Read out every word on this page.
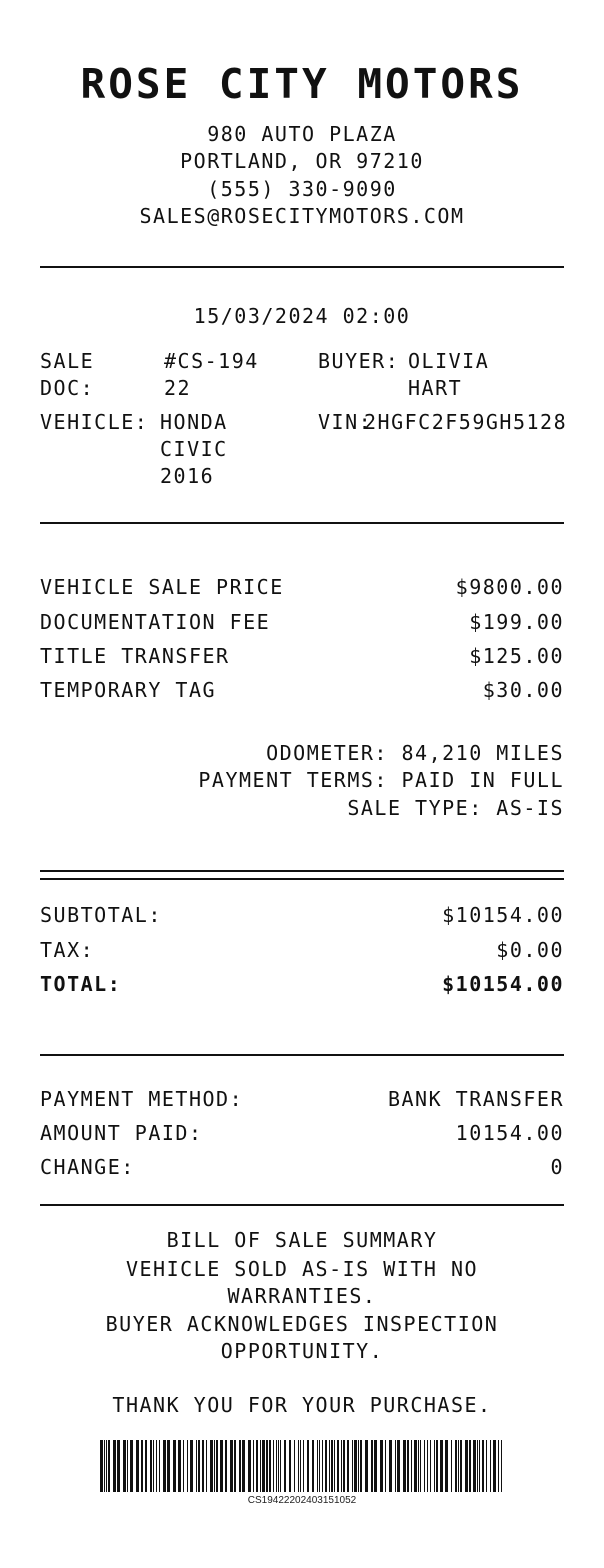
ROSE CITY MOTORS
980 AUTO PLAZA
PORTLAND, OR 97210
(555) 330-9090
SALES@ROSECITYMOTORS.COM
15/03/2024 02:00
SALE DOC:
#CS-19422
BUYER: OLIVIA HART
VEHICLE: HONDA CIVIC 2016
VIN:
2HGFC2F59GH5128
VEHICLE SALE PRICE	$9800.00
DOCUMENTATION FEE	$199.00
TITLE TRANSFER	$125.00
TEMPORARY TAG	$30.00
ODOMETER: 84,210 MILES
PAYMENT TERMS: PAID IN FULL
SALE TYPE: AS-IS
SUBTOTAL:	$10154.00
TAX:	$0.00
TOTAL:	$10154.00
PAYMENT METHOD:	BANK TRANSFER
AMOUNT PAID:	10154.00
CHANGE:	0
BILL OF SALE SUMMARY
VEHICLE SOLD AS-IS WITH NO WARRANTIES.
BUYER ACKNOWLEDGES INSPECTION OPPORTUNITY.
THANK YOU FOR YOUR PURCHASE.
CS19422202403151052
